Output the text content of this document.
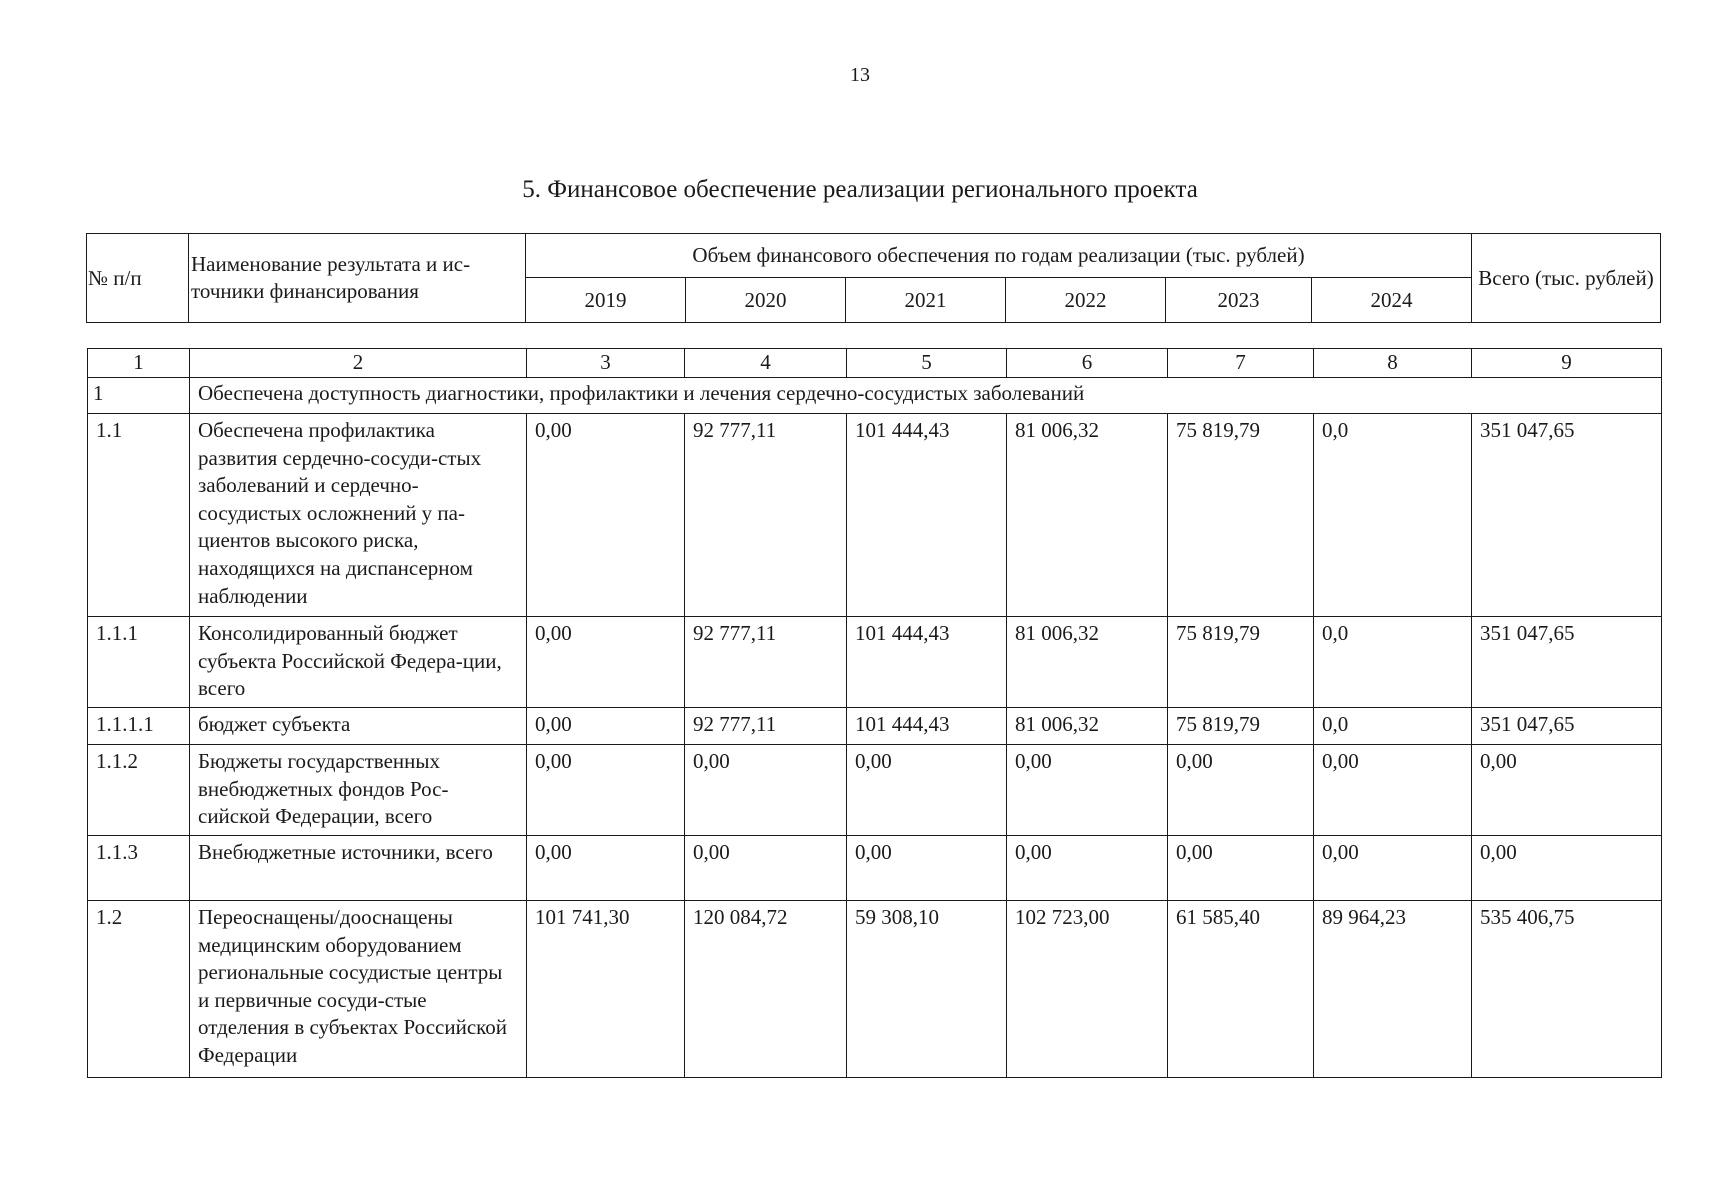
13
5. Финансовое обеспечение реализации регионального проекта
№ п/п	Наименование результата и ис-точники финансирования	Объем финансового обеспечения по годам реализации (тыс. рублей)						Всего (тыс. рублей)
		2019	2020	2021	2022	2023	2024	
1	2	3	4	5	6	7	8	9
1	Обеспечена доступность диагностики, профилактики и лечения сердечно-сосудистых заболеваний							
1.1	Обеспечена профилактика развития сердечно-сосуди-стых заболеваний и сердечно-сосудистых осложнений у па-циентов высокого риска, находящихся на диспансерном наблюдении	0,00	92 777,11	101 444,43	81 006,32	75 819,79	0,0	351 047,65
1.1.1	Консолидированный бюджет субъекта Российской Федера-ции, всего	0,00	92 777,11	101 444,43	81 006,32	75 819,79	0,0	351 047,65
1.1.1.1	бюджет субъекта	0,00	92 777,11	101 444,43	81 006,32	75 819,79	0,0	351 047,65
1.1.2	Бюджеты государственных внебюджетных фондов Рос-сийской Федерации, всего	0,00	0,00	0,00	0,00	0,00	0,00	0,00
1.1.3	Внебюджетные источники, всего	0,00	0,00	0,00	0,00	0,00	0,00	0,00
1.2	Переоснащены/дооснащены медицинским оборудованием региональные сосудистые центры и первичные сосуди-стые отделения в субъектах Российской Федерации	101 741,30	120 084,72	59 308,10	102 723,00	61 585,40	89 964,23	535 406,75
